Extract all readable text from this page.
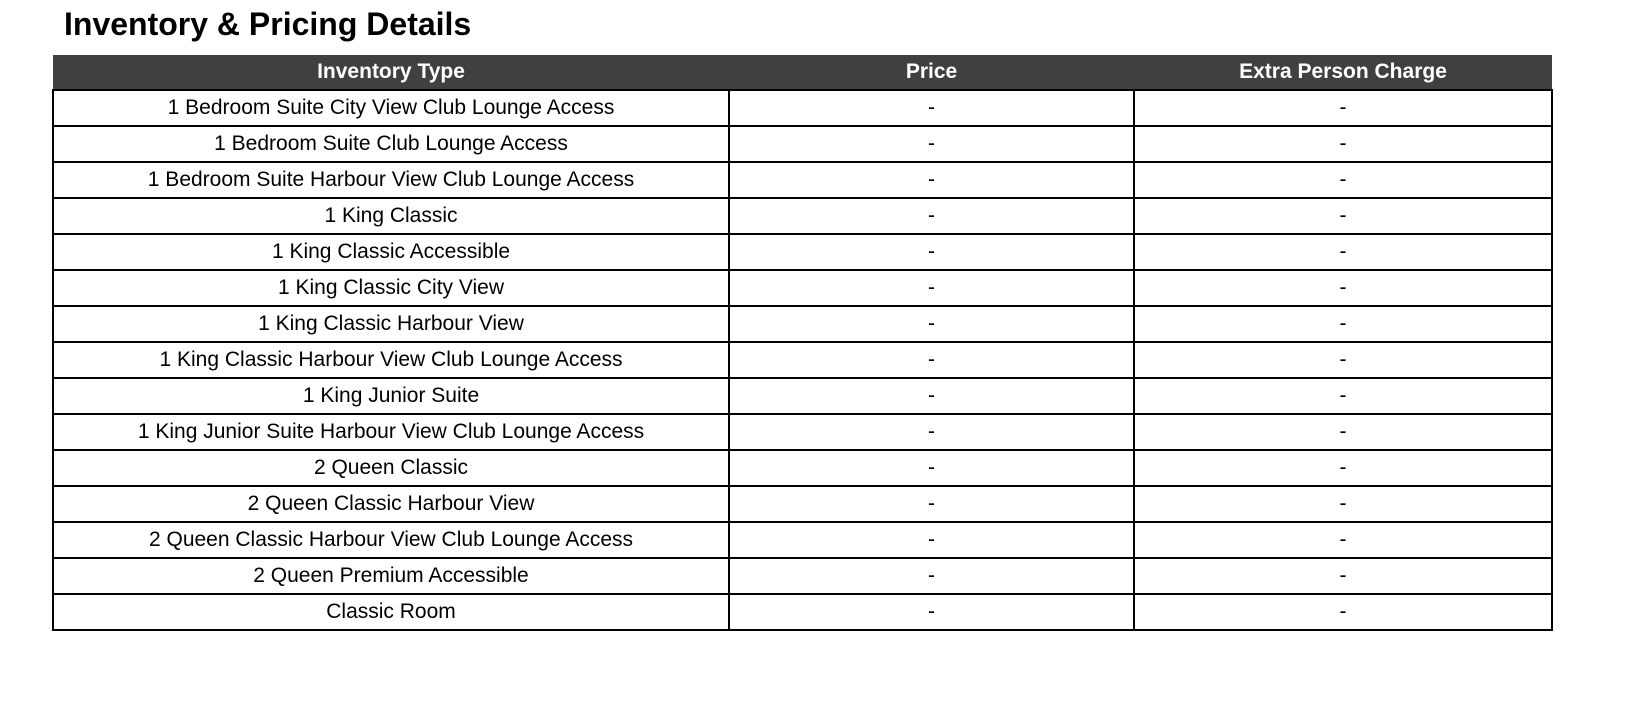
Inventory & Pricing Details
Inventory Type	Price	Extra Person Charge
1 Bedroom Suite City View Club Lounge Access	-	-
1 Bedroom Suite Club Lounge Access	-	-
1 Bedroom Suite Harbour View Club Lounge Access	-	-
1 King Classic	-	-
1 King Classic Accessible	-	-
1 King Classic City View	-	-
1 King Classic Harbour View	-	-
1 King Classic Harbour View Club Lounge Access	-	-
1 King Junior Suite	-	-
1 King Junior Suite Harbour View Club Lounge Access	-	-
2 Queen Classic	-	-
2 Queen Classic Harbour View	-	-
2 Queen Classic Harbour View Club Lounge Access	-	-
2 Queen Premium Accessible	-	-
Classic Room	-	-
